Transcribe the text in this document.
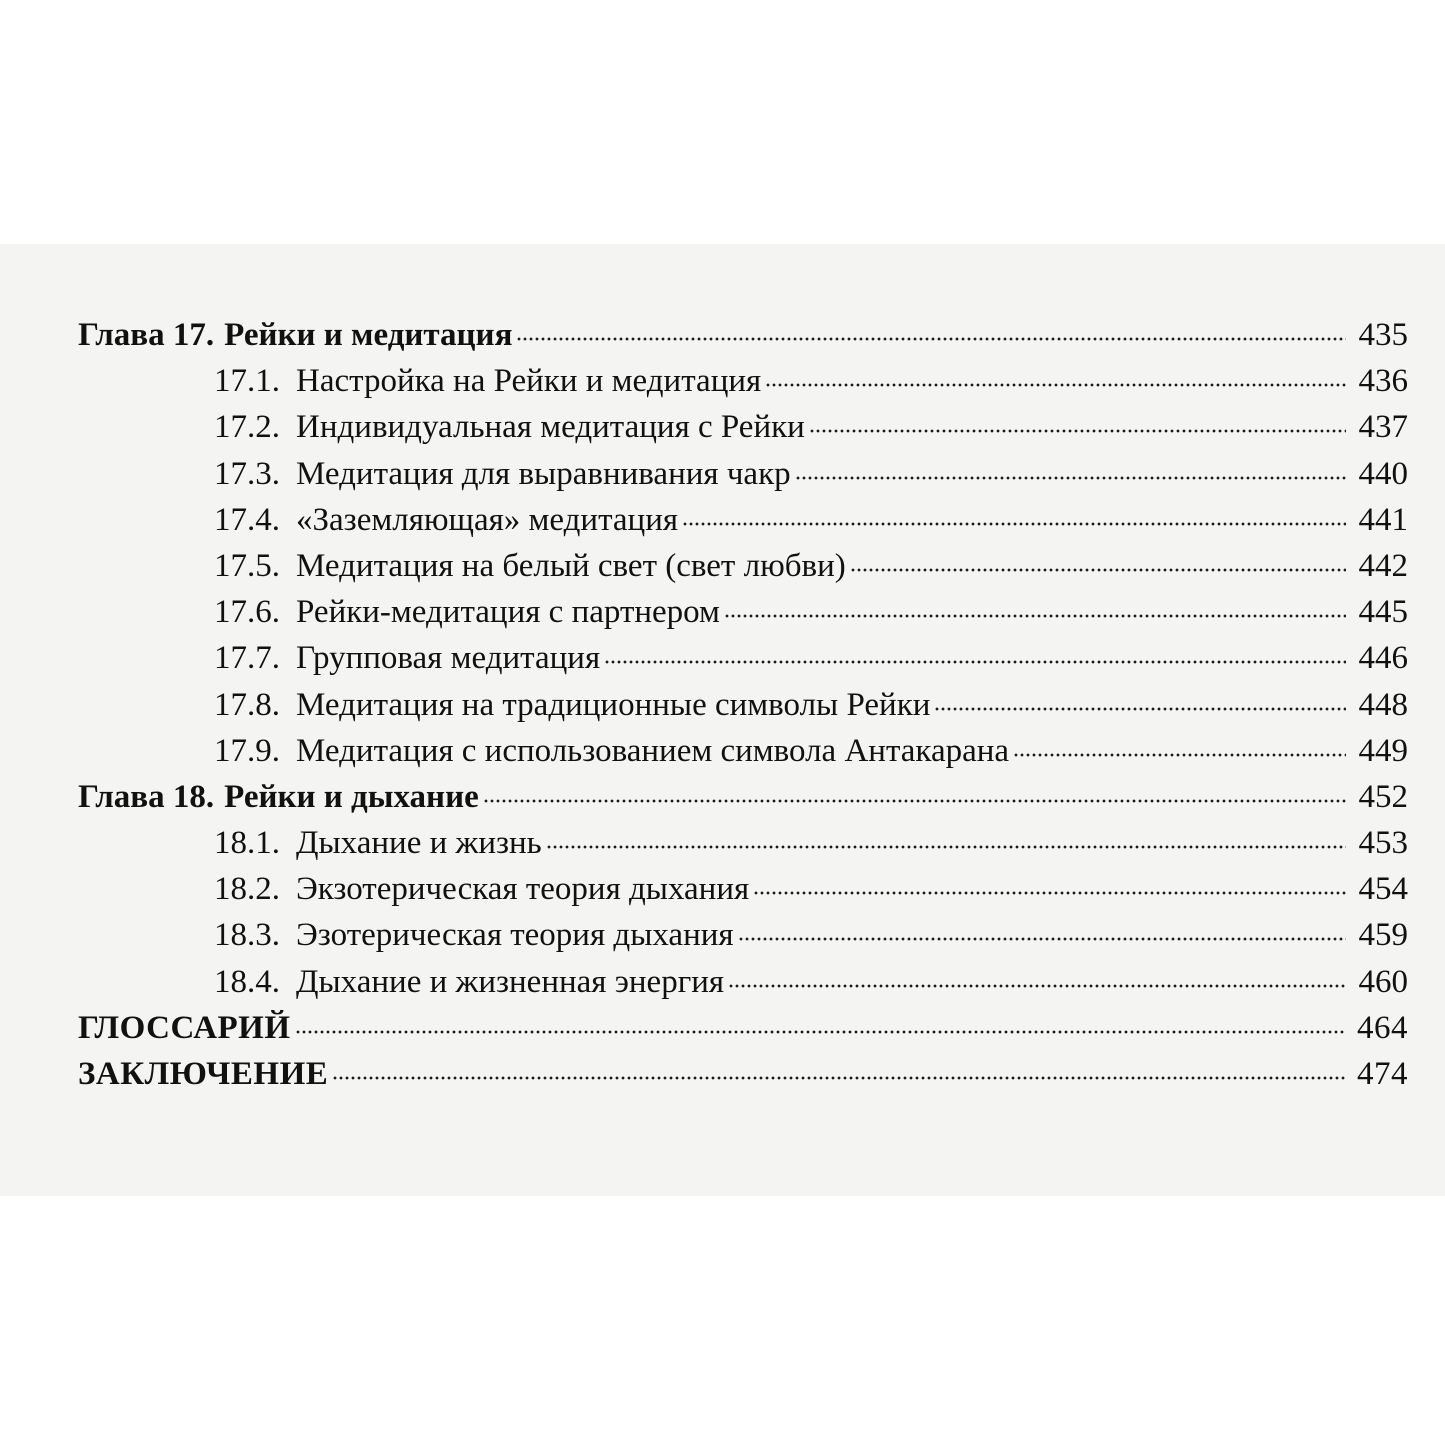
Глава 17. Рейки и медитация	435
17.1. Настройка на Рейки и медитация	436
17.2. Индивидуальная медитация с Рейки	437
17.3. Медитация для выравнивания чакр	440
17.4. «Заземляющая» медитация	441
17.5. Медитация на белый свет (свет любви)	442
17.6. Рейки-медитация с партнером	445
17.7. Групповая медитация	446
17.8. Медитация на традиционные символы Рейки	448
17.9. Медитация с использованием символа Антакарана	449
Глава 18. Рейки и дыхание	452
18.1. Дыхание и жизнь	453
18.2. Экзотерическая теория дыхания	454
18.3. Эзотерическая теория дыхания	459
18.4. Дыхание и жизненная энергия	460
ГЛОССАРИЙ	464
ЗАКЛЮЧЕНИЕ	474
